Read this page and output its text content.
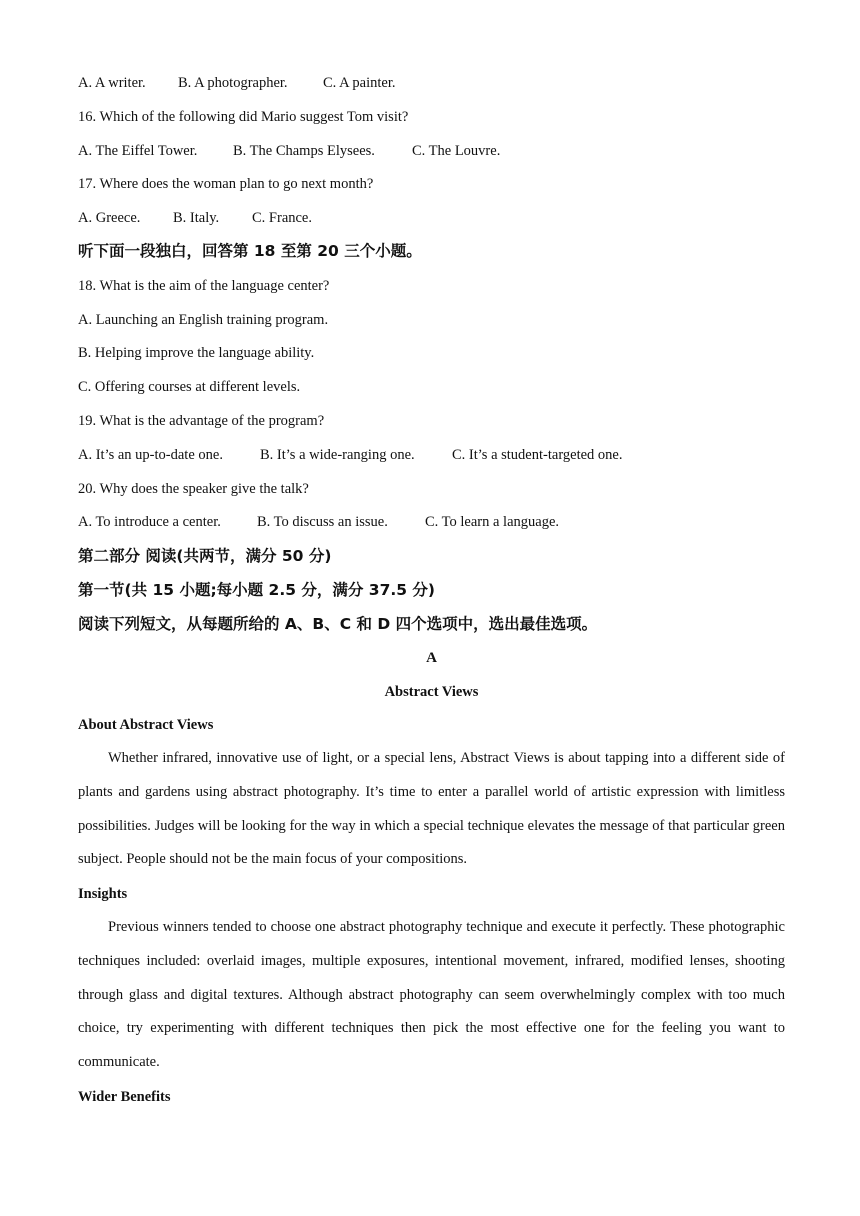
A. A writer. B. A photographer. C. A painter.
16. Which of the following did Mario suggest Tom visit?
A. The Eiffel Tower. B. The Champs Elysees.	C. The Louvre.
17. Where does the woman plan to go next month?
A. Greece. B. Italy. C. France.
听下面一段独白，回答第 18 至第 20 三个小题。
18. What is the aim of the language center?
A. Launching an English training program.
B. Helping improve the language ability.
C. Offering courses at different levels.
19. What is the advantage of the program?
A. It’s an up-to-date one.	B. It’s a wide-ranging one.	C. It’s a student-targeted one.
20. Why does the speaker give the talk?
A. To introduce a center. B. To discuss an issue.	C. To learn a language.
第二部分 阅读(共两节，满分 50 分)
第一节(共 15 小题;每小题 2.5 分，满分 37.5 分)
阅读下列短文，从每题所给的 A、B、C 和 D 四个选项中，选出最佳选项。
A
Abstract Views
About Abstract Views
Whether infrared, innovative use of light, or a special lens, Abstract Views is about tapping into a different side of plants and gardens using abstract photography. It’s time to enter a parallel world of artistic expression with limitless possibilities. Judges will be looking for the way in which a special technique elevates the message of that particular green subject. People should not be the main focus of your compositions.
Insights
Previous winners tended to choose one abstract photography technique and execute it perfectly. These photographic techniques included: overlaid images, multiple exposures, intentional movement, infrared, modified lenses, shooting through glass and digital textures. Although abstract photography can seem overwhelmingly complex with too much choice, try experimenting with different techniques then pick the most effective one for the feeling you want to communicate.
Wider Benefits
